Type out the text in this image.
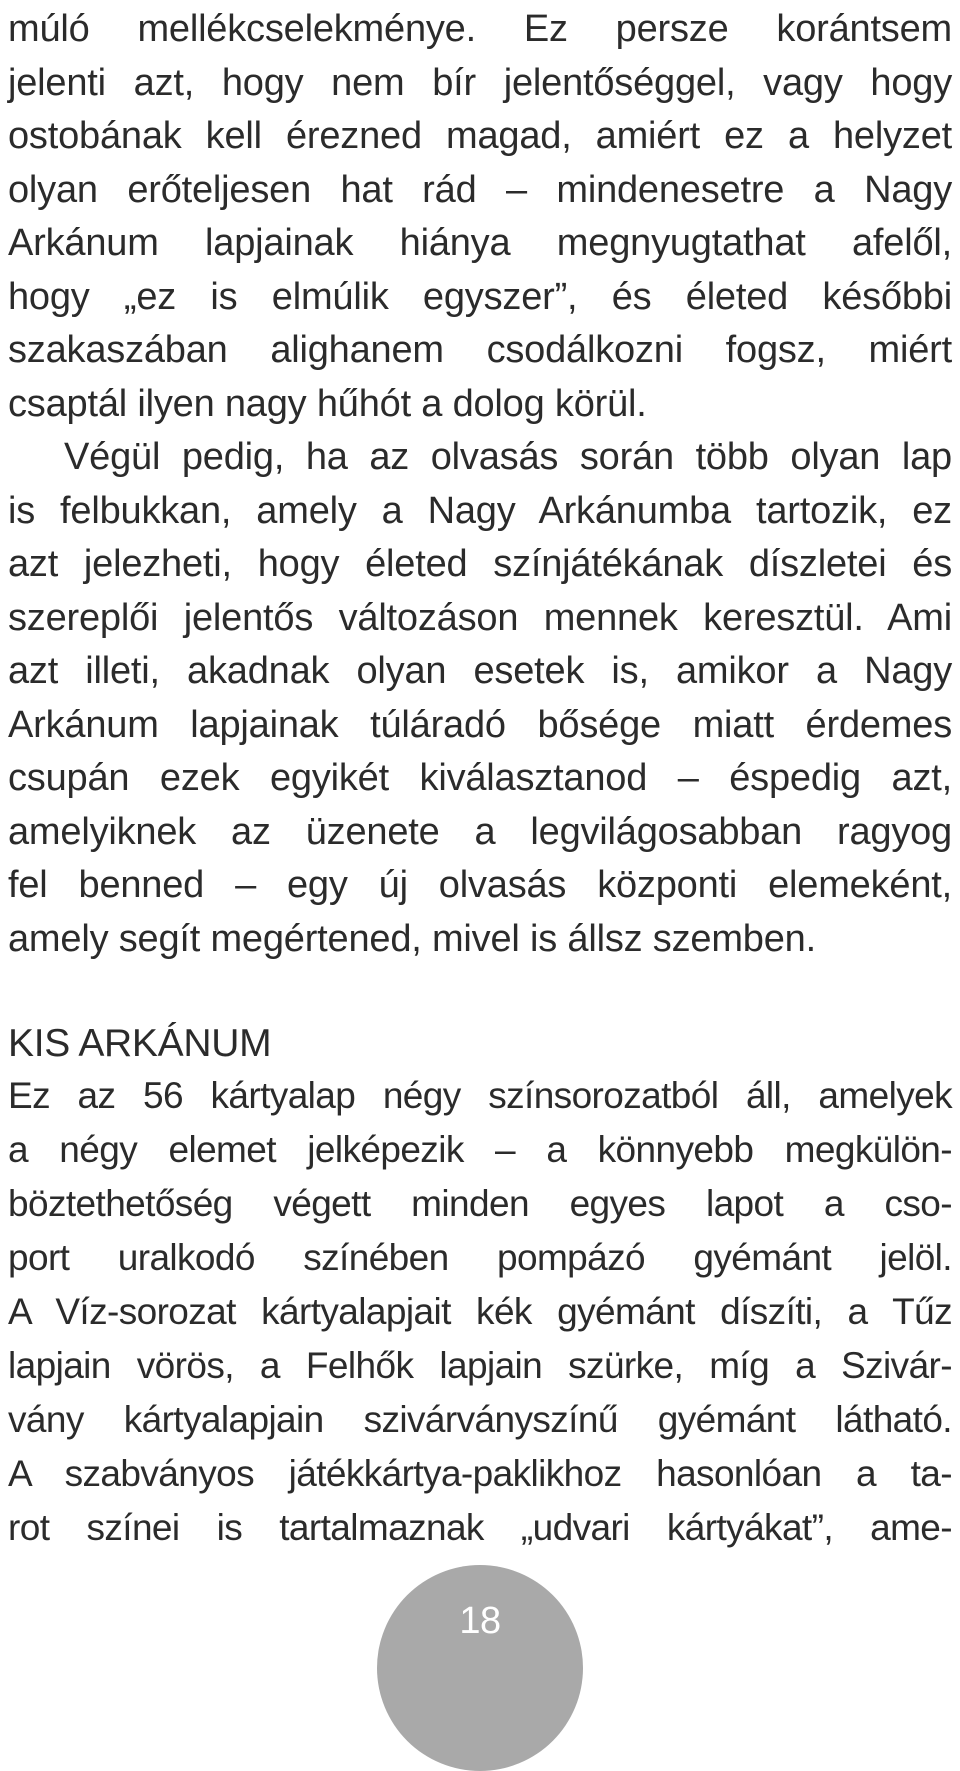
múló mellékcselekménye. Ez persze korántsem
jelenti azt, hogy nem bír jelentőséggel, vagy hogy
ostobának kell érezned magad, amiért ez a helyzet
olyan erőteljesen hat rád – mindenesetre a Nagy
Arkánum lapjainak hiánya megnyugtathat afelől,
hogy „ez is elmúlik egyszer”, és életed későbbi
szakaszában alighanem csodálkozni fogsz, miért
csaptál ilyen nagy hűhót a dolog körül.
Végül pedig, ha az olvasás során több olyan lap
is felbukkan, amely a Nagy Arkánumba tartozik, ez
azt jelezheti, hogy életed színjátékának díszletei és
szereplői jelentős változáson mennek keresztül. Ami
azt illeti, akadnak olyan esetek is, amikor a Nagy
Arkánum lapjainak túláradó bősége miatt érdemes
csupán ezek egyikét kiválasztanod – éspedig azt,
amelyiknek az üzenete a legvilágosabban ragyog
fel benned – egy új olvasás központi elemeként,
amely segít megértened, mivel is állsz szemben.
KIS ARKÁNUM
Ez az 56 kártyalap négy színsorozatból áll, amelyek
a négy elemet jelképezik – a könnyebb megkülön-
böztethetőség végett minden egyes lapot a cso-
port uralkodó színében pompázó gyémánt jelöl.
A Víz-sorozat kártyalapjait kék gyémánt díszíti, a Tűz
lapjain vörös, a Felhők lapjain szürke, míg a Szivár-
vány kártyalapjain szivárványszínű gyémánt látható.
A szabványos játékkártya-paklikhoz hasonlóan a ta-
rot színei is tartalmaznak „udvari kártyákat”, ame-
18
